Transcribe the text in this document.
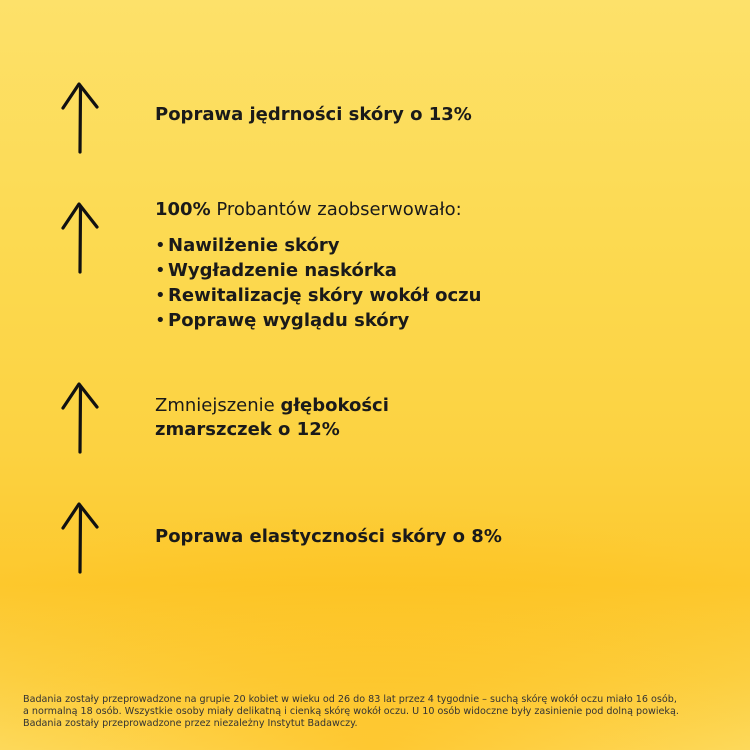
Poprawa jędrności skóry o 13%
100% Probantów zaobserwowało:
• Nawilżenie skóry
• Wygładzenie naskórka
• Rewitalizację skóry wokół oczu
• Poprawę wyglądu skóry
Zmniejszenie głębokości
zmarszczek o 12%
Poprawa elastyczności skóry o 8%
Badania zostały przeprowadzone na grupie 20 kobiet w wieku od 26 do 83 lat przez 4 tygodnie – suchą skórę wokół oczu miało 16 osób,
a normalną 18 osób. Wszystkie osoby miały delikatną i cienką skórę wokół oczu. U 10 osób widoczne były zasinienie pod dolną powieką.
Badania zostały przeprowadzone przez niezależny Instytut Badawczy.
